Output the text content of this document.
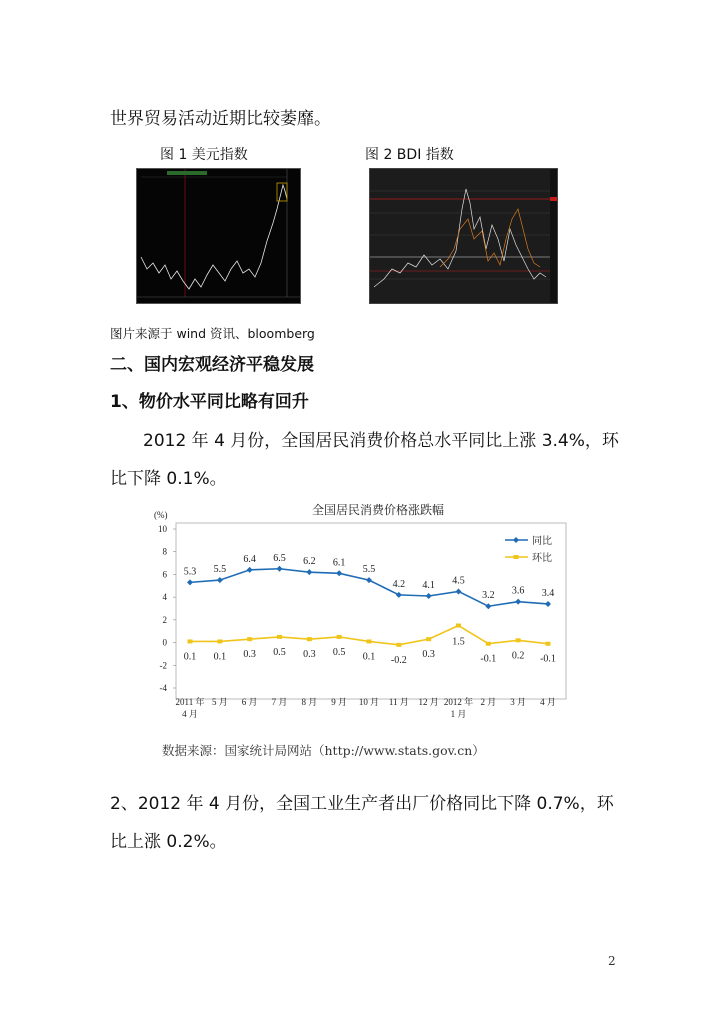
世界贸易活动近期比较萎靡。
图 1 美元指数	图 2 BDI 指数
图片来源于 wind 资讯、bloomberg
二、国内宏观经济平稳发展
1、物价水平同比略有回升
2012 年 4 月份，全国居民消费价格总水平同比上涨 3.4%，环
比下降 0.1%。
全国居民消费价格涨跌幅
(%)
10
8
6
4
2
0
-2
-4
2011 年
4 月
5 月 6 月 7 月 8 月 9 月 10 月 11 月 12 月 2012 年
1 月
2 月 3 月 4 月
5.3 5.5
6.4 6.5 6.2 6.1
5.5
4.2 4.1 4.5
3.2 3.6 3.4
0.1 0.1 0.3 0.5 0.3 0.5 0.1 -0.2
0.3
1.5
-0.1 0.2 -0.1
同比
环比
数据来源：国家统计局网站（http://www.stats.gov.cn）
2、2012 年 4 月份，全国工业生产者出厂价格同比下降 0.7%，环
比上涨 0.2%。
2
